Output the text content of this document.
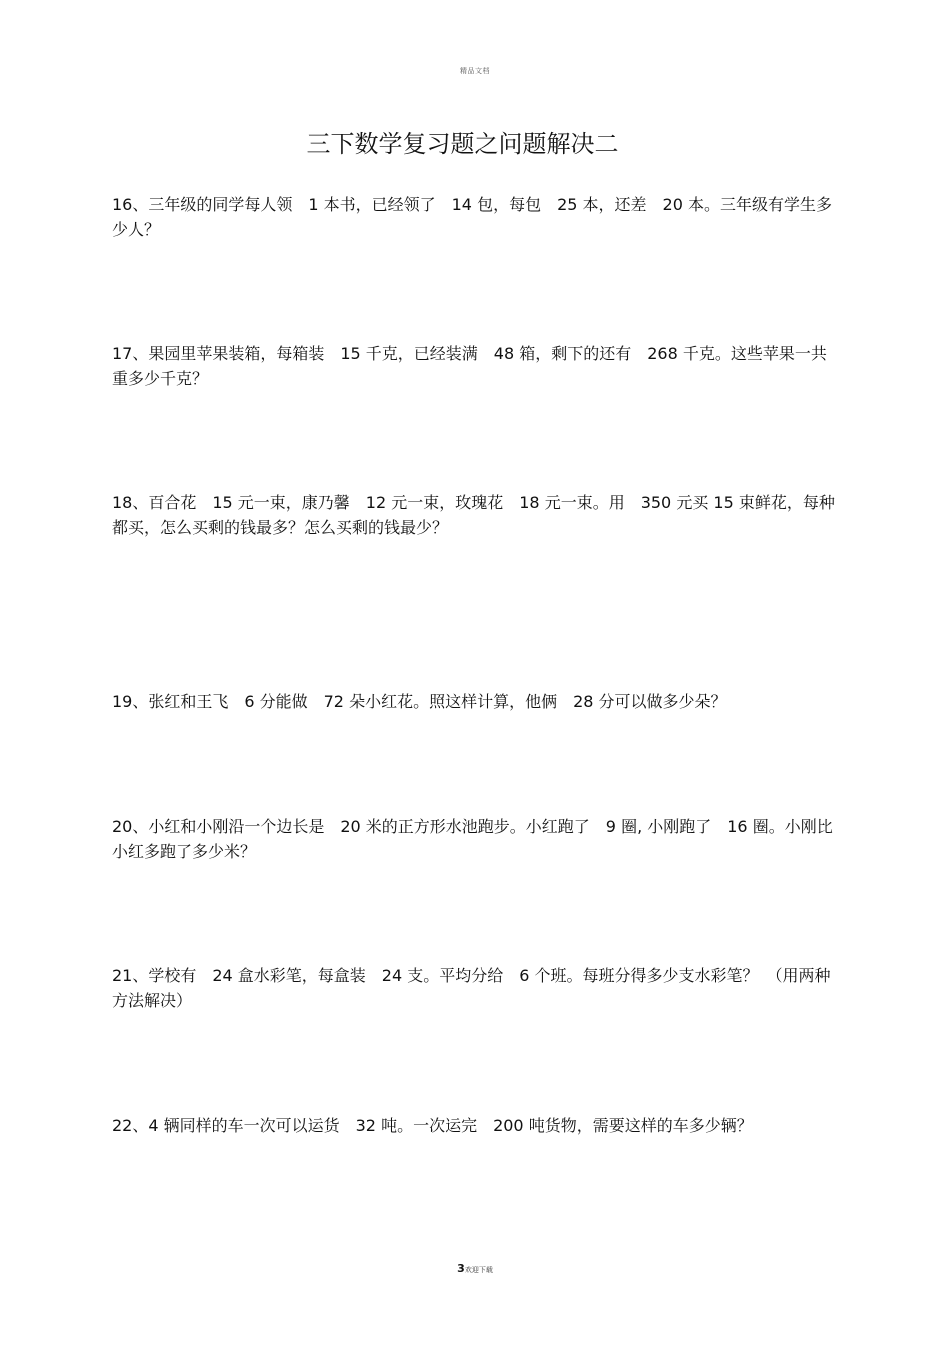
精品文档
三下数学复习题之问题解决二
16、三年级的同学每人领　1 本书，已经领了　14 包，每包　25 本，还差　20 本。三年级有学生多少人？
17、果园里苹果装箱，每箱装　15 千克，已经装满　48 箱，剩下的还有　268 千克。这些苹果一共重多少千克？
18、百合花　15 元一束，康乃馨　12 元一束，玫瑰花　18 元一束。用　350 元买 15 束鲜花，每种都买，怎么买剩的钱最多？怎么买剩的钱最少？
19、张红和王飞　6 分能做　72 朵小红花。照这样计算，他俩　28 分可以做多少朵？
20、小红和小刚沿一个边长是　20 米的正方形水池跑步。小红跑了　9 圈, 小刚跑了　16 圈。小刚比小红多跑了多少米？
21、学校有　24 盒水彩笔，每盒装　24 支。平均分给　6 个班。每班分得多少支水彩笔？　（用两种方法解决）
22、4 辆同样的车一次可以运货　32 吨。一次运完　200 吨货物，需要这样的车多少辆？
3欢迎下载
